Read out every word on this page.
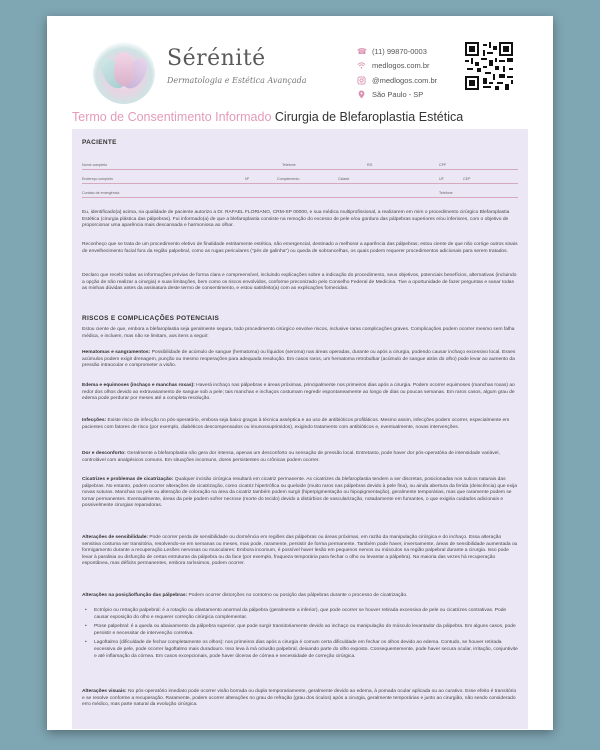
Sérénité
Dermatologia e Estética Avançada
☎ (11) 99870-0003
medlogos.com.br
@medlogos.com.br
São Paulo - SP
Termo de Consentimento Informado Cirurgia de Blefaroplastia Estética
PACIENTE
Nome completo	Telefone	RG	CPF
Endereço completo	Nº	Complemento	Cidade	UF	CEP
Contato de emergência	Telefone

Eu, identificado(a) acima, na qualidade de paciente autorizo a Dr. RAFAEL FLORIANO, CRM-SP 00000, e sua médica multiprofissional, a realizarem em mim o procedimento cirúrgico Blefaroplastia Estética (cirurgia plástica das pálpebras). Fui informado(a) de que a blefaroplastia consiste na remoção do excesso de pele e/ou gordura das pálpebras superiores e/ou inferiores, com o objetivo de proporcionar uma aparência mais descansada e harmoniosa ao olhar.

Reconheço que se trata de um procedimento eletivo de finalidade estritamente estética, não emergencial, destinado a melhorar a aparência das pálpebras; estou ciente de que não corrige outros sinais de envelhecimento facial fora da região palpebral, como as rugas periculares ("pés de galinha") ou queda de sobrancelhas, os quais podem requerer procedimentos adicionais para serem tratados.

Declaro que recebi todas as informações prévias de forma clara e compreensível, incluindo explicações sobre a indicação do procedimento, seus objetivos, potenciais benefícios, alternativas (incluindo a opção de não realizar a cirurgia) e suas limitações, bem como os riscos envolvidos, conforme preconizado pelo Conselho Federal de Medicina. Tive a oportunidade de fazer perguntas e sanar todas as minhas dúvidas antes da assinatura deste termo de consentimento, e estou satisfeito(a) com as explicações fornecidas.

RISCOS E COMPLICAÇÕES POTENCIAIS

Estou ciente de que, embora a blefaroplastia seja geralmente segura, todo procedimento cirúrgico envolve riscos, inclusive raras complicações graves. Complicações podem ocorrer mesmo sem falha médica, e incluem, mas não se limitam, aos itens a seguir:

Hematomas e sangramentos: Possibilidade de acúmulo de sangue (hematoma) ou líquidos (seroma) nas áreas operadas, durante ou após a cirurgia, podendo causar inchaço excessivo local. Esses acúmulos podem exigir drenagem, punção ou mesmo reoperações para adequada resolução. Em casos raros, um hematoma retrobulbar (acúmulo de sangue atrás do olho) pode levar ao aumento da pressão intraocular e comprometer a visão.

Edema e equimoses (inchaço e manchas roxas): Haverá inchaço nas pálpebras e áreas próximas, principalmente nos primeiros dias após a cirurgia. Podem ocorrer equimoses (manchas roxas) ao redor dos olhos devido ao extravasamento de sangue sob a pele; tais manchas e inchaços costumam regredir espontaneamente ao longo de dias ou poucas semanas. Em raros casos, algum grau de edema pode perdurar por meses até a completa resolução.

Infecções: Existe risco de infecção no pós-operatório, embora seja baixo graças à técnica asséptica e ao uso de antibióticos profiláticos. Mesmo assim, infecções podem ocorrer, especialmente em pacientes com fatores de risco (por exemplo, diabéticos descompensados ou imunossuprimidos), exigindo tratamento com antibióticos e, eventualmente, novas intervenções.

Dor e desconforto: Geralmente a blefaroplastia não gera dor intensa, apenas um desconforto ou sensação de pressão local. Entretanto, pode haver dor pós-operatória de intensidade variável, controlável com analgésicos comuns. Em situações incomuns, dores persistentes ou crônicas podem ocorrer.

Cicatrizes e problemas de cicatrização: Qualquer incisão cirúrgica resultará em cicatriz permanente. As cicatrizes da blefaroplastia tendem a ser discretas, posicionadas nos sulcos naturais das pálpebras. No entanto, podem ocorrer alterações de cicatrização, como cicatriz hipertrófica ou queloide (muito raros nas pálpebras devido à pele fina), ou ainda abertura da ferida (deiscência) que exija novas suturas. Manchas na pele ou alteração de coloração na área da cicatriz também podem surgir (hiperpigmentação ou hipopigmentação), geralmente temporárias, mas que raramente podem se tornar permanentes. Eventualmente, áreas da pele podem sofrer necrose (morte do tecido) devido a distúrbios de vascularização, notadamente em fumantes, o que exigiria cuidados adicionais e possivelmente cirurgias reparadoras.

Alterações de sensibilidade: Pode ocorrer perda de sensibilidade ou dormência em regiões das pálpebras ou áreas próximas, em razão da manipulação cirúrgica e do inchaço. Essa alteração sensitiva costuma ser transitória, resolvendo-se em semanas ou meses, mas pode, raramente, persistir de forma permanente. Também pode haver, inversamente, áreas de sensibilidade aumentada ou formigamento durante a recuperação.Lesões nervosas ou musculares: Embora incomum, é possível haver lesão em pequenos nervos ou músculos na região palpebral durante a cirurgia. Isso pode levar à paralisia ou disfunção de certas estruturas da pálpebra ou da face (por exemplo, fraqueza temporária para fechar o olho ou levantar a pálpebra). Na maioria das vezes há recuperação espontânea, mas déficits permanentes, embora raríssimos, podem ocorrer.

Alterações na posição/função das pálpebras: Podem ocorrer distorções no contorno ou posição das pálpebras durante o processo de cicatrização.

• Ectrópio ou retração palpebral: é a rotação ou afastamento anormal da pálpebra (geralmente a inferior), que pode ocorrer se houver retirada excessiva de pele ou cicatrizes contrativas. Pode causar exposição do olho e requerer correção cirúrgica complementar.
• Ptose palpebral: é a queda ou abaixamento da pálpebra superior, que pode surgir transitoriamente devido ao inchaço ou manipulação do músculo levantador da pálpebra. Em alguns casos, pode persistir e necessitar de intervenção corretiva.
• Lagoftalmo (dificuldade de fechar completamente os olhos): nos primeiros dias após a cirurgia é comum certa dificuldade em fechar os olhos devido ao edema. Contudo, se houver retirada excessiva de pele, pode ocorrer lagoftalmo mais duradouro. Isso leva à má oclusão palpebral, deixando parte do olho exposto. Consequentemente, pode haver secura ocular, irritação, conjuntivite e até inflamação da córnea. Em casos excepcionais, pode haver úlceras de córnea e necessidade de correção cirúrgica.

Alterações visuais: No pós-operatório imediato pode ocorrer visão borrada ou dupla temporariamente, geralmente devido ao edema, à pomada ocular aplicada ou ao curativo. Esse efeito é transitório e se resolve conforme a recuperação. Raramente, podem ocorrer alterações no grau de refração (grau dos óculos) após a cirurgia, geralmente temporárias e junto ao cirurgião, não sendo considerado erro médico, mas parte natural da evolução cirúrgica.
